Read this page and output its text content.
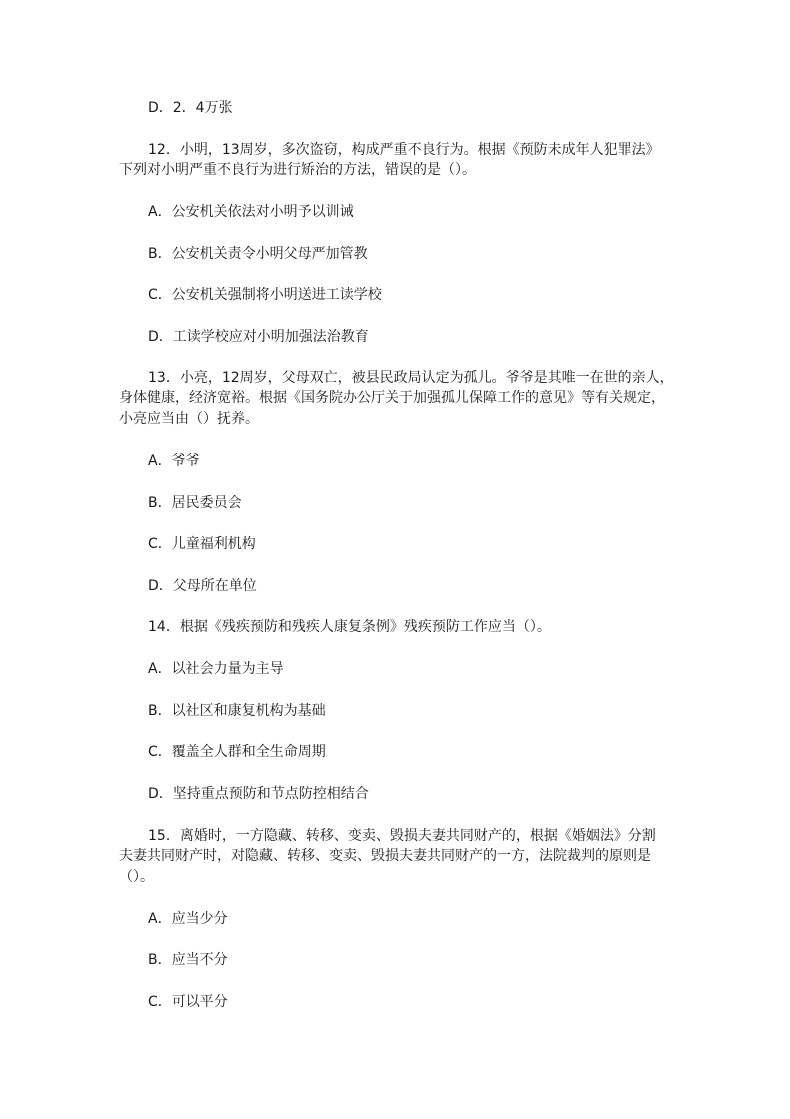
D．2．4万张
12．小明，13周岁，多次盗窃，构成严重不良行为。根据《预防未成年人犯罪法》
下列对小明严重不良行为进行矫治的方法，错误的是（）。
A．公安机关依法对小明予以训诫
B．公安机关责令小明父母严加管教
C．公安机关强制将小明送进工读学校
D．工读学校应对小明加强法治教育
13．小亮，12周岁，父母双亡，被县民政局认定为孤儿。爷爷是其唯一在世的亲人，
身体健康，经济宽裕。根据《国务院办公厅关于加强孤儿保障工作的意见》等有关规定，
小亮应当由（）抚养。
A．爷爷
B．居民委员会
C．儿童福利机构
D．父母所在单位
14．根据《残疾预防和残疾人康复条例》残疾预防工作应当（）。
A．以社会力量为主导
B．以社区和康复机构为基础
C．覆盖全人群和全生命周期
D．坚持重点预防和节点防控相结合
15．离婚时，一方隐藏、转移、变卖、毁损夫妻共同财产的，根据《婚姻法》分割
夫妻共同财产时，对隐藏、转移、变卖、毁损夫妻共同财产的一方，法院裁判的原则是
（）。
A．应当少分
B．应当不分
C．可以平分
